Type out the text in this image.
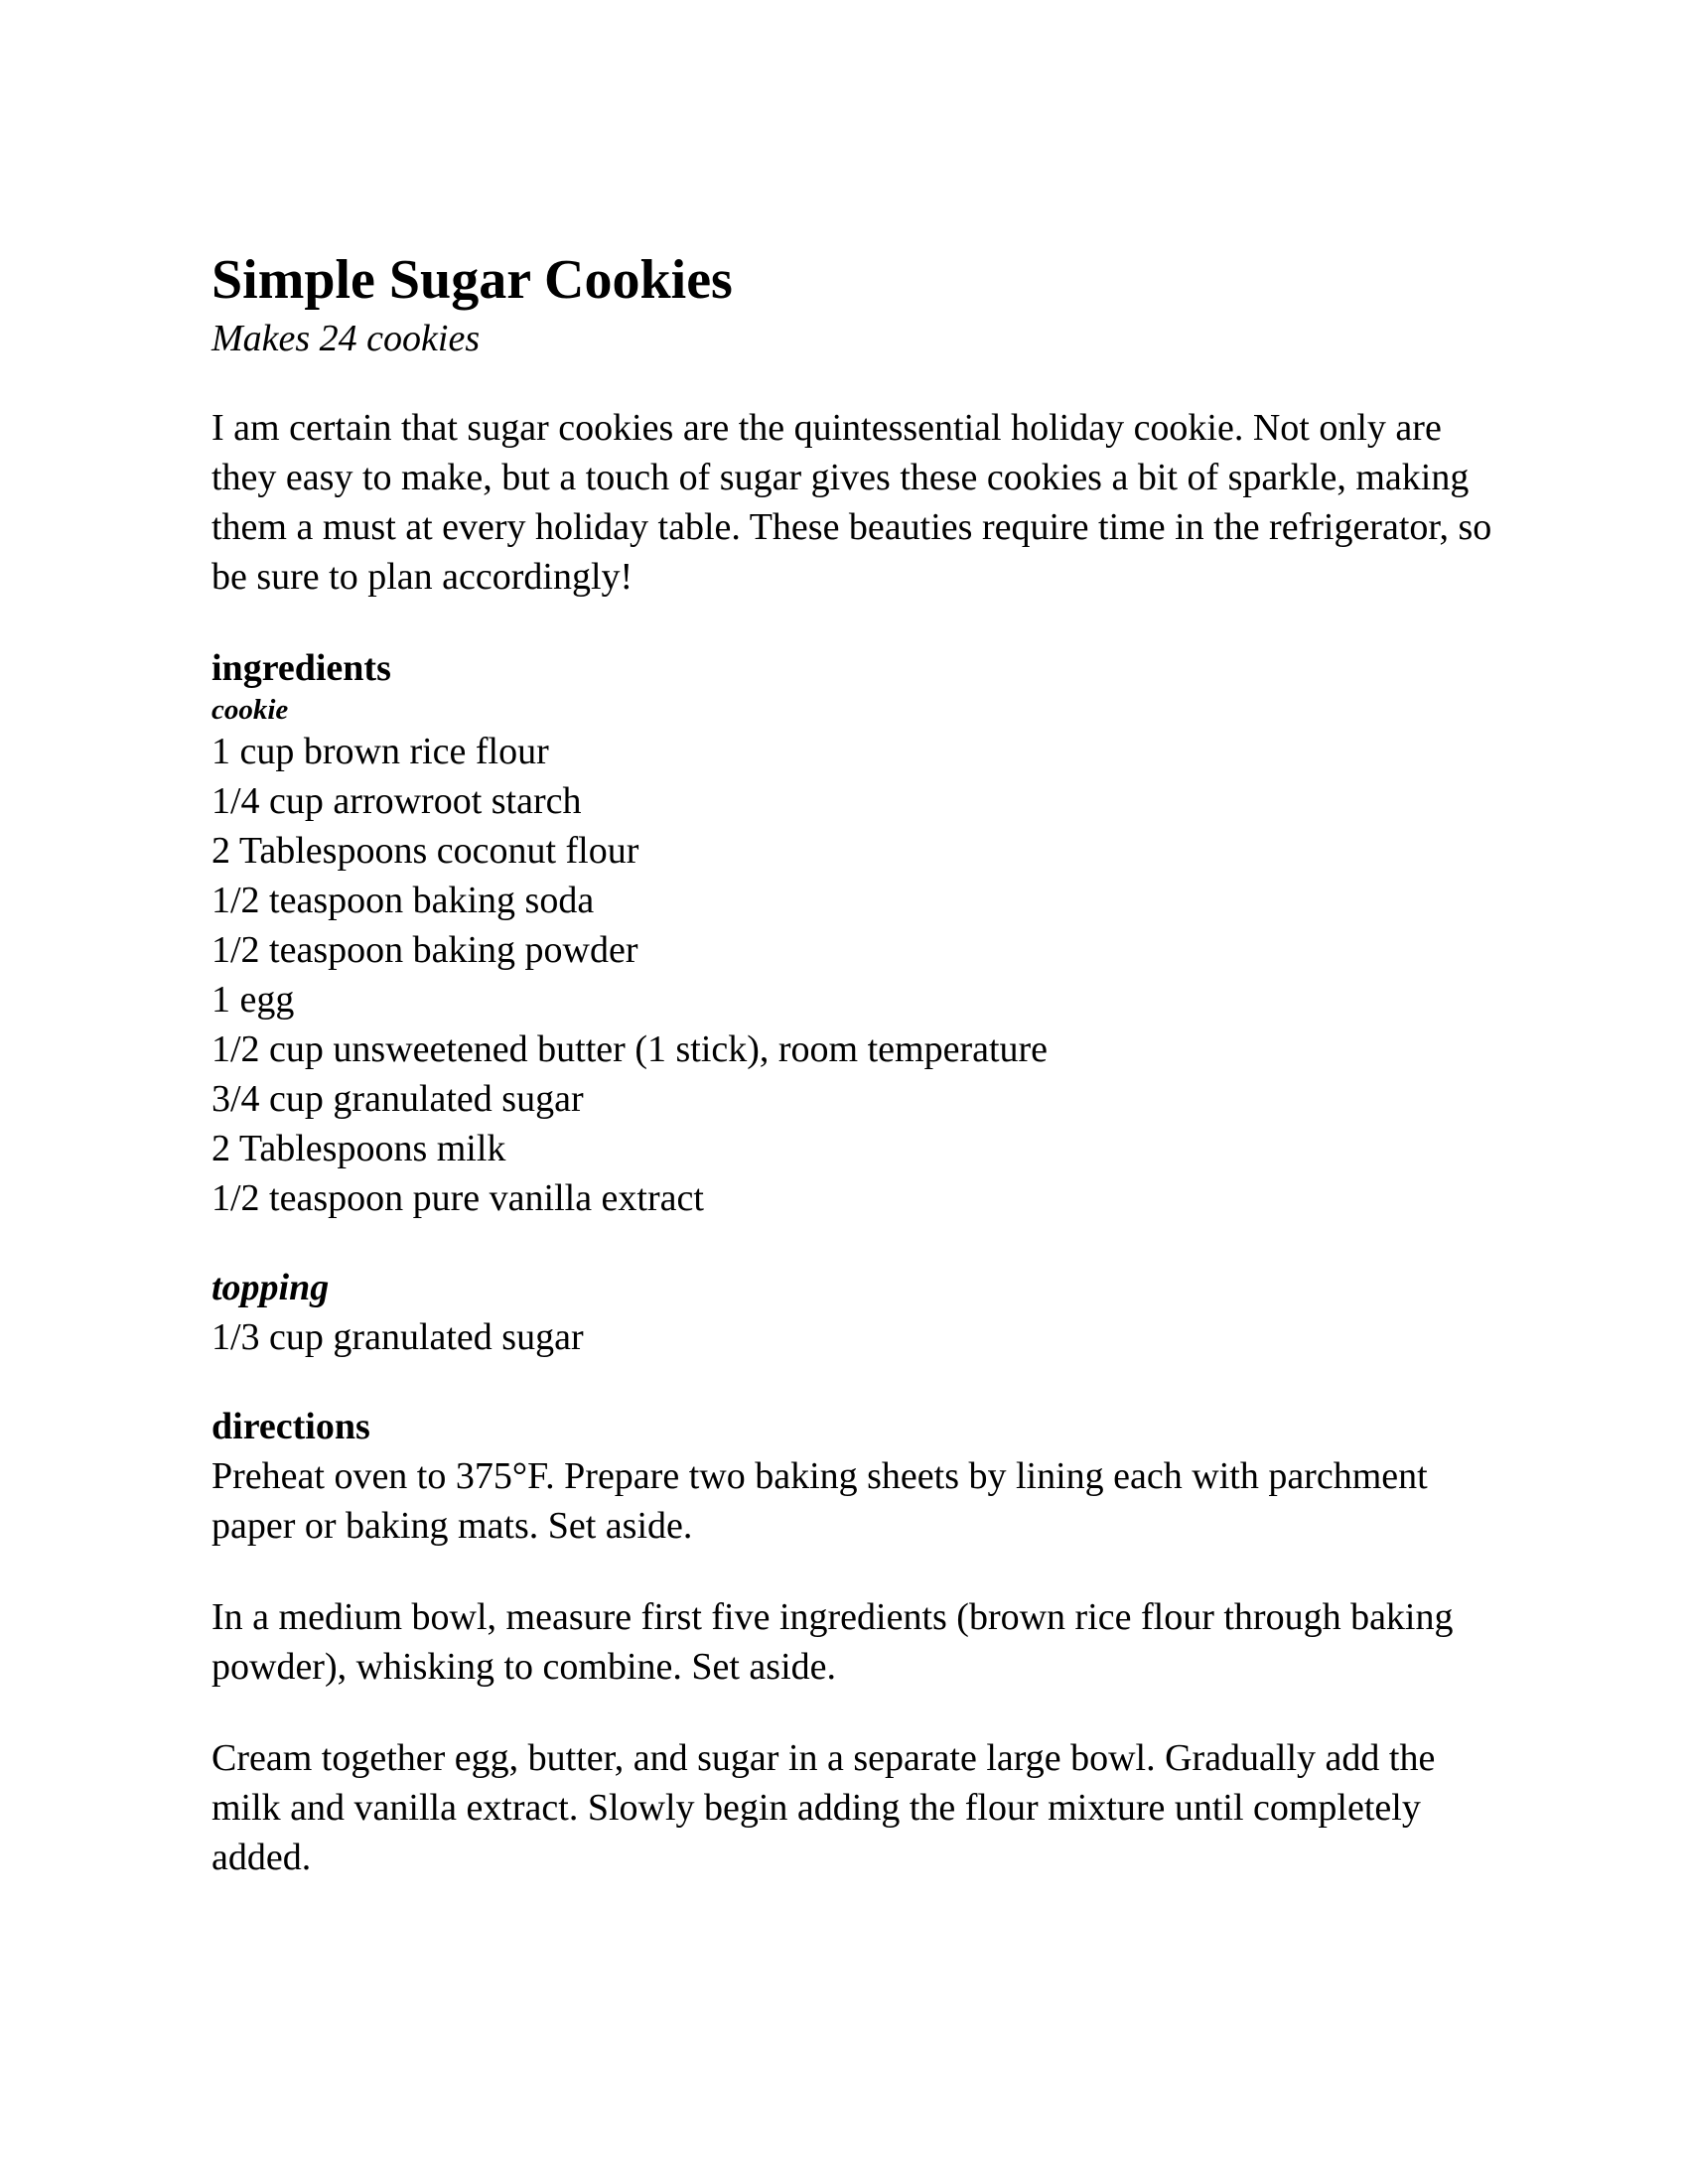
Simple Sugar Cookies

Makes 24 cookies

I am certain that sugar cookies are the quintessential holiday cookie. Not only are they easy to make, but a touch of sugar gives these cookies a bit of sparkle, making them a must at every holiday table. These beauties require time in the refrigerator, so be sure to plan accordingly!

ingredients
cookie
1 cup brown rice flour
1/4 cup arrowroot starch
2 Tablespoons coconut flour
1/2 teaspoon baking soda
1/2 teaspoon baking powder
1 egg
1/2 cup unsweetened butter (1 stick), room temperature
3/4 cup granulated sugar
2 Tablespoons milk
1/2 teaspoon pure vanilla extract
topping
1/3 cup granulated sugar
directions

Preheat oven to 375°F. Prepare two baking sheets by lining each with parchment paper or baking mats. Set aside.

In a medium bowl, measure first five ingredients (brown rice flour through baking powder), whisking to combine. Set aside.

Cream together egg, butter, and sugar in a separate large bowl. Gradually add the milk and vanilla extract. Slowly begin adding the flour mixture until completely added.
